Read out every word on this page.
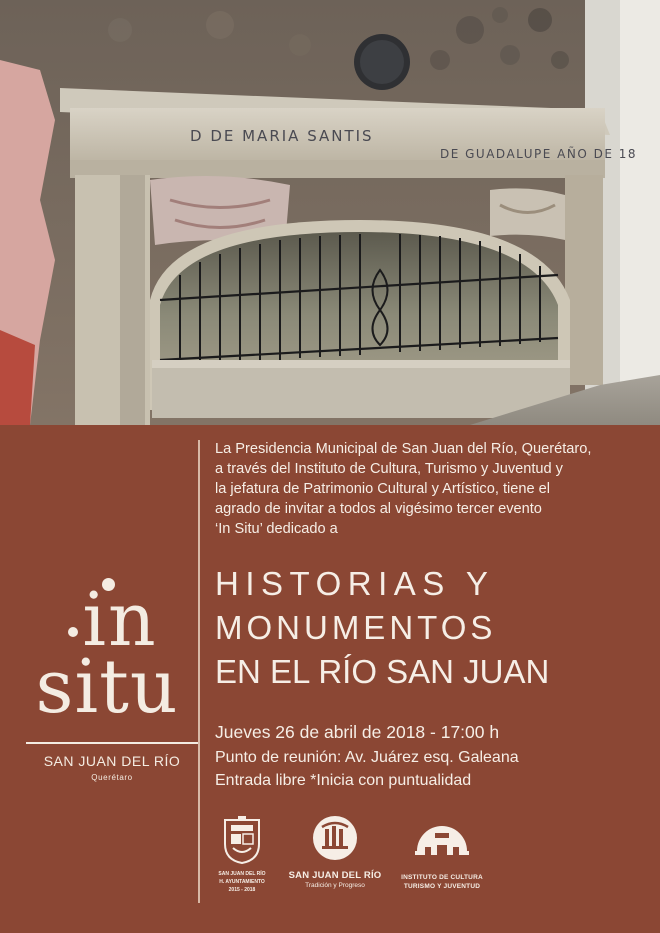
D DE MARIA SANTIS
DE GUADALUPE AÑO DE 18
in
situ
SAN JUAN DEL RÍO
Querétaro
La Presidencia Municipal de San Juan del Río, Querétaro,
a través del Instituto de Cultura, Turismo y Juventud y
la jefatura de Patrimonio Cultural y Artístico, tiene el
agrado de invitar a todos al vigésimo tercer evento
‘In Situ’ dedicado a
HISTORIAS Y
MONUMENTOS
EN EL RÍO SAN JUAN
Jueves 26 de abril de 2018 - 17:00 h
Punto de reunión: Av. Juárez esq. Galeana
Entrada libre *Inicia con puntualidad
SAN JUAN DEL RÍO
H. AYUNTAMIENTO
2015 - 2018
SAN JUAN DEL RÍO
Tradición y Progreso
INSTITUTO DE CULTURA
TURISMO Y JUVENTUD
